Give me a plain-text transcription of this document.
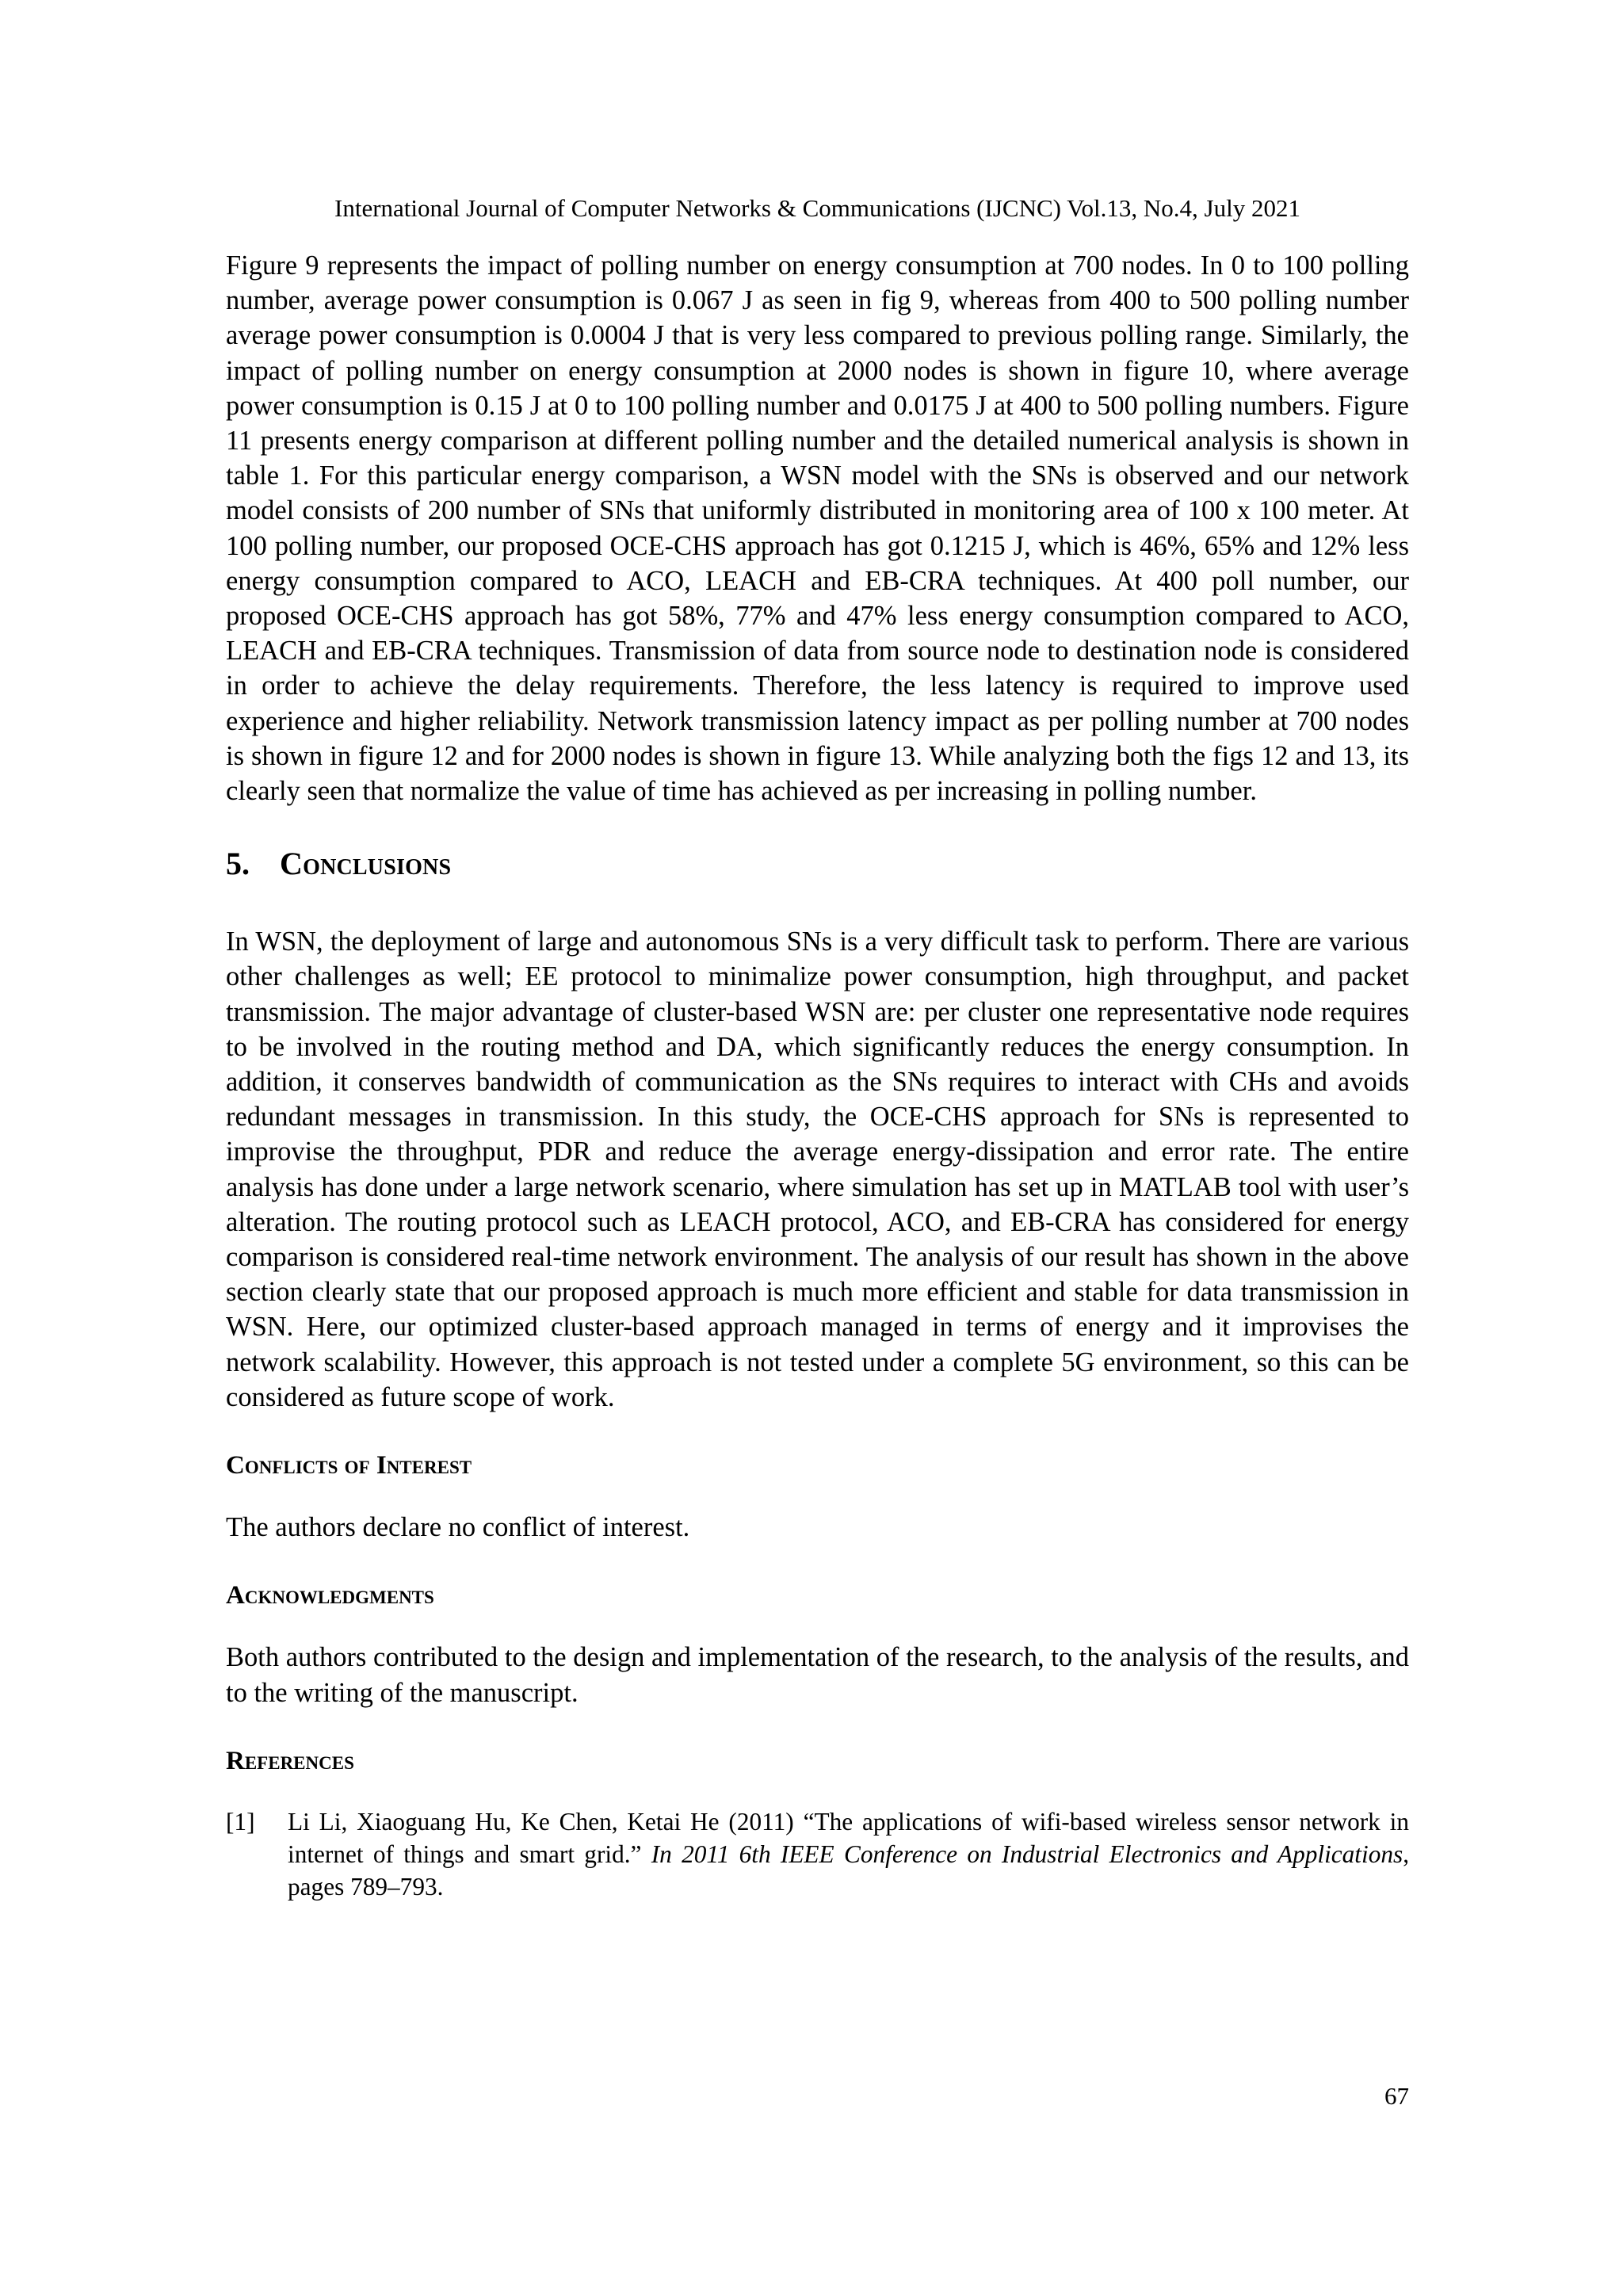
International Journal of Computer Networks & Communications (IJCNC) Vol.13, No.4, July 2021

Figure 9 represents the impact of polling number on energy consumption at 700 nodes. In 0 to 100 polling number, average power consumption is 0.067 J as seen in fig 9, whereas from 400 to 500 polling number average power consumption is 0.0004 J that is very less compared to previous polling range. Similarly, the impact of polling number on energy consumption at 2000 nodes is shown in figure 10, where average power consumption is 0.15 J at 0 to 100 polling number and 0.0175 J at 400 to 500 polling numbers. Figure 11 presents energy comparison at different polling number and the detailed numerical analysis is shown in table 1. For this particular energy comparison, a WSN model with the SNs is observed and our network model consists of 200 number of SNs that uniformly distributed in monitoring area of 100 x 100 meter. At 100 polling number, our proposed OCE-CHS approach has got 0.1215 J, which is 46%, 65% and 12% less energy consumption compared to ACO, LEACH and EB-CRA techniques. At 400 poll number, our proposed OCE-CHS approach has got 58%, 77% and 47% less energy consumption compared to ACO, LEACH and EB-CRA techniques. Transmission of data from source node to destination node is considered in order to achieve the delay requirements. Therefore, the less latency is required to improve used experience and higher reliability. Network transmission latency impact as per polling number at 700 nodes is shown in figure 12 and for 2000 nodes is shown in figure 13. While analyzing both the figs 12 and 13, its clearly seen that normalize the value of time has achieved as per increasing in polling number.

5. Conclusions

In WSN, the deployment of large and autonomous SNs is a very difficult task to perform. There are various other challenges as well; EE protocol to minimalize power consumption, high throughput, and packet transmission. The major advantage of cluster-based WSN are: per cluster one representative node requires to be involved in the routing method and DA, which significantly reduces the energy consumption. In addition, it conserves bandwidth of communication as the SNs requires to interact with CHs and avoids redundant messages in transmission. In this study, the OCE-CHS approach for SNs is represented to improvise the throughput, PDR and reduce the average energy-dissipation and error rate. The entire analysis has done under a large network scenario, where simulation has set up in MATLAB tool with user’s alteration. The routing protocol such as LEACH protocol, ACO, and EB-CRA has considered for energy comparison is considered real-time network environment. The analysis of our result has shown in the above section clearly state that our proposed approach is much more efficient and stable for data transmission in WSN. Here, our optimized cluster-based approach managed in terms of energy and it improvises the network scalability. However, this approach is not tested under a complete 5G environment, so this can be considered as future scope of work.

Conflicts of Interest

The authors declare no conflict of interest.

Acknowledgments

Both authors contributed to the design and implementation of the research, to the analysis of the results, and to the writing of the manuscript.

References
[1]	Li Li, Xiaoguang Hu, Ke Chen, Ketai He (2011) “The applications of wifi-based wireless sensor network in internet of things and smart grid.” In 2011 6th IEEE Conference on Industrial Electronics and Applications, pages 789–793.
67
